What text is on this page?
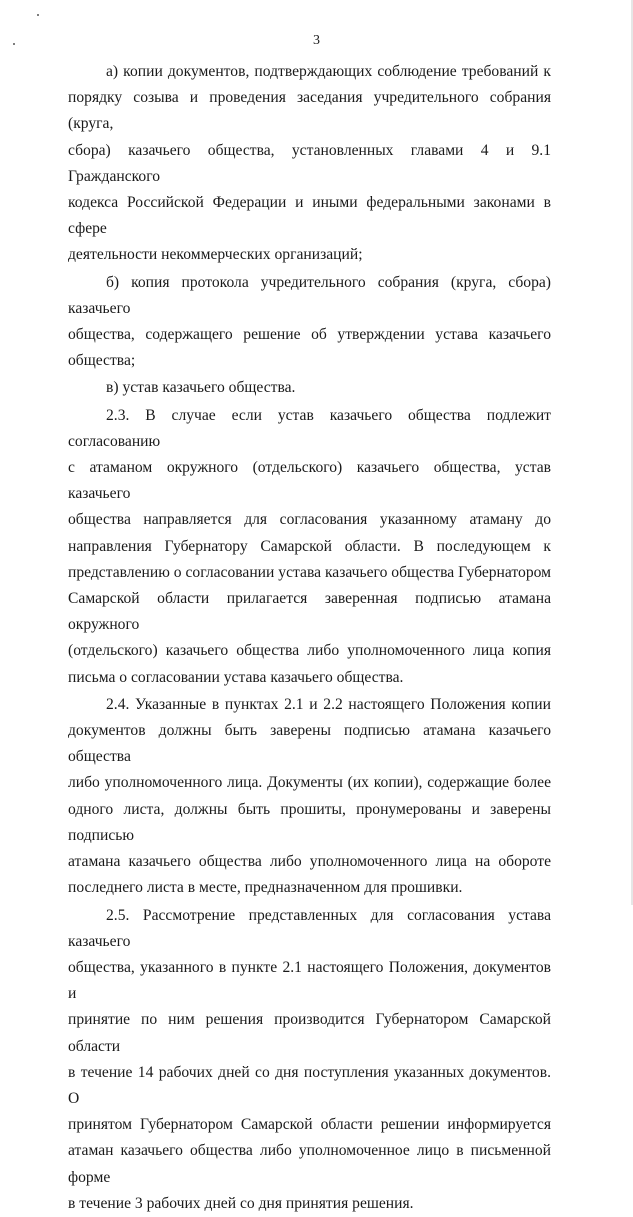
3

а) копии документов, подтверждающих соблюдение требований к
порядку созыва и проведения заседания учредительного собрания (круга,
сбора) казачьего общества, установленных главами 4 и 9.1 Гражданского
кодекса Российской Федерации и иными федеральными законами в сфере
деятельности некоммерческих организаций;

б) копия протокола учредительного собрания (круга, сбора) казачьего
общества, содержащего решение об утверждении устава казачьего
общества;

в) устав казачьего общества.

2.3. В случае если устав казачьего общества подлежит согласованию
с атаманом окружного (отдельского) казачьего общества, устав казачьего
общества направляется для согласования указанному атаману до
направления Губернатору Самарской области. В последующем к
представлению о согласовании устава казачьего общества Губернатором
Самарской области прилагается заверенная подписью атамана окружного
(отдельского) казачьего общества либо уполномоченного лица копия
письма о согласовании устава казачьего общества.

2.4. Указанные в пунктах 2.1 и 2.2 настоящего Положения копии
документов должны быть заверены подписью атамана казачьего общества
либо уполномоченного лица. Документы (их копии), содержащие более
одного листа, должны быть прошиты, пронумерованы и заверены подписью
атамана казачьего общества либо уполномоченного лица на обороте
последнего листа в месте, предназначенном для прошивки.

2.5. Рассмотрение представленных для согласования устава казачьего
общества, указанного в пункте 2.1 настоящего Положения, документов и
принятие по ним решения производится Губернатором Самарской области
в течение 14 рабочих дней со дня поступления указанных документов. О
принятом Губернатором Самарской области решении информируется
атаман казачьего общества либо уполномоченное лицо в письменной форме
в течение 3 рабочих дней со дня принятия решения.
